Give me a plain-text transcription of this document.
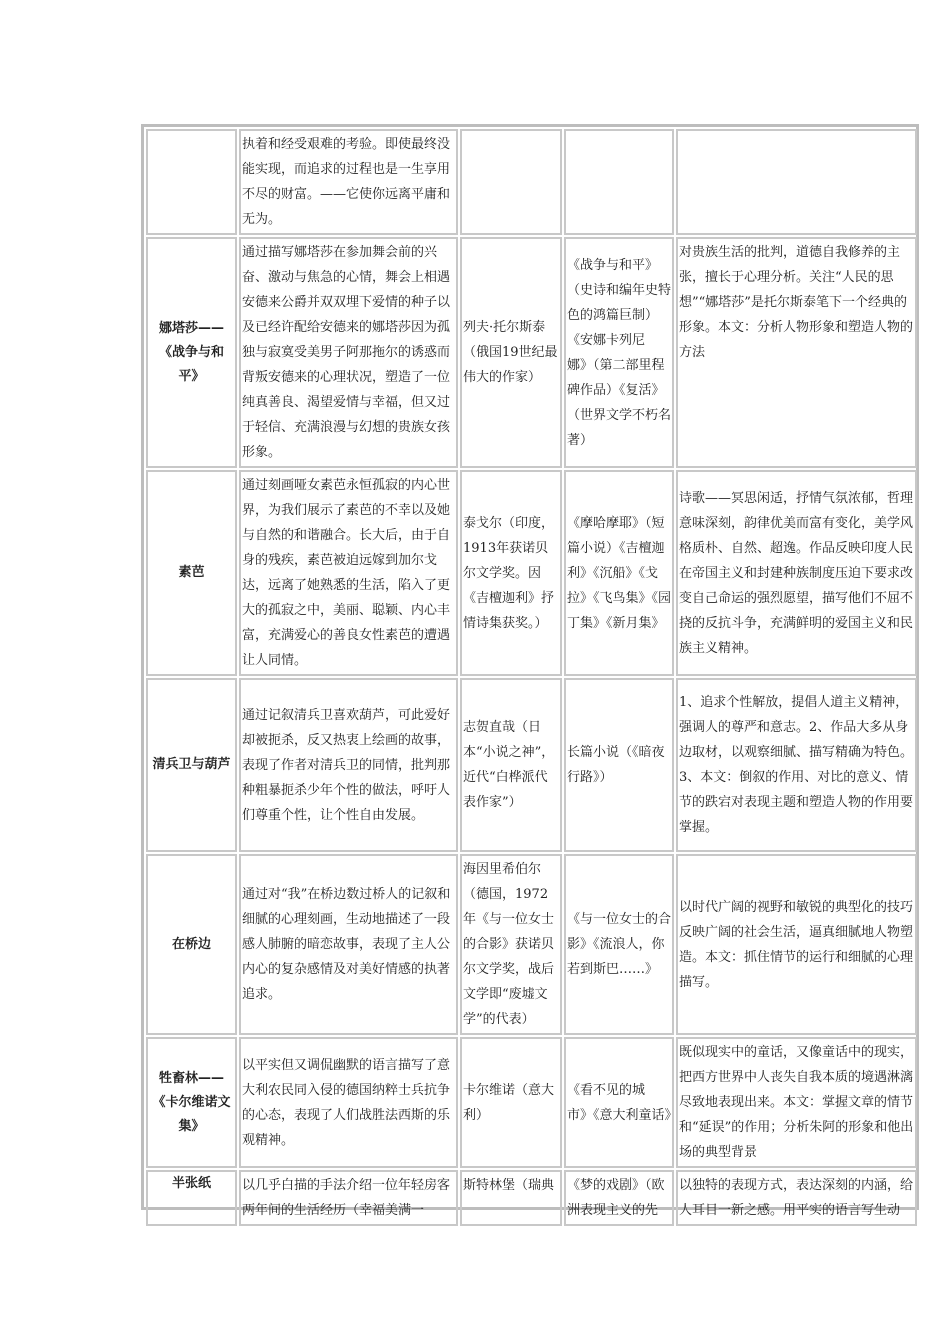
	执着和经受艰难的考验。即使最终没能实现，而追求的过程也是一生享用不尽的财富。——它使你远离平庸和无为。			
娜塔莎——《战争与和平》	通过描写娜塔莎在参加舞会前的兴奋、激动与焦急的心情，舞会上相遇安德来公爵并双双埋下爱情的种子以及已经许配给安德来的娜塔莎因为孤独与寂寞受美男子阿那拖尔的诱惑而背叛安德来的心理状况，塑造了一位纯真善良、渴望爱情与幸福，但又过于轻信、充满浪漫与幻想的贵族女孩形象。	列夫·托尔斯泰（俄国19世纪最伟大的作家）	《战争与和平》（史诗和编年史特色的鸿篇巨制）《安娜卡列尼娜》（第二部里程碑作品）《复活》（世界文学不朽名著）	对贵族生活的批判，道德自我修养的主张，擅长于心理分析。关注“人民的思想”“娜塔莎”是托尔斯泰笔下一个经典的形象。本文：分析人物形象和塑造人物的方法
素芭	通过刻画哑女素芭永恒孤寂的内心世界，为我们展示了素芭的不幸以及她与自然的和谐融合。长大后，由于自身的残疾，素芭被迫远嫁到加尔戈达，远离了她熟悉的生活，陷入了更大的孤寂之中，美丽、聪颖、内心丰富，充满爱心的善良女性素芭的遭遇让人同情。	泰戈尔（印度，1913年获诺贝尔文学奖。因《吉檀迦利》抒情诗集获奖。）	《摩哈摩耶》（短篇小说）《吉檀迦利》《沉船》《戈拉》《飞鸟集》《园丁集》《新月集》	诗歌——冥思闲适，抒情气氛浓郁，哲理意味深刻，韵律优美而富有变化，美学风格质朴、自然、超逸。作品反映印度人民在帝国主义和封建种族制度压迫下要求改变自己命运的强烈愿望，描写他们不屈不挠的反抗斗争，充满鲜明的爱国主义和民族主义精神。
清兵卫与葫芦	通过记叙清兵卫喜欢葫芦，可此爱好却被扼杀，反又热衷上绘画的故事，表现了作者对清兵卫的同情，批判那种粗暴扼杀少年个性的做法，呼吁人们尊重个性，让个性自由发展。	志贺直哉（日本“小说之神”，近代“白桦派代表作家”）	长篇小说（《暗夜行路》）	1、追求个性解放，提倡人道主义精神，强调人的尊严和意志。2、作品大多从身边取材，以观察细腻、描写精确为特色。3、本文：倒叙的作用、对比的意义、情节的跌宕对表现主题和塑造人物的作用要掌握。
在桥边	通过对“我”在桥边数过桥人的记叙和细腻的心理刻画，生动地描述了一段感人肺腑的暗恋故事，表现了主人公内心的复杂感情及对美好情感的执著追求。	海因里希伯尔（德国，1972年《与一位女士的合影》获诺贝尔文学奖，战后文学即“废墟文学”的代表）	《与一位女士的合影》《流浪人，你若到斯巴……》	以时代广阔的视野和敏锐的典型化的技巧反映广阔的社会生活，逼真细腻地人物塑造。本文：抓住情节的运行和细腻的心理描写。
牲畜林——《卡尔维诺文集》	以平实但又调侃幽默的语言描写了意大利农民同入侵的德国纳粹士兵抗争的心态，表现了人们战胜法西斯的乐观精神。	卡尔维诺（意大利）	《看不见的城市》《意大利童话》	既似现实中的童话，又像童话中的现实，把西方世界中人丧失自我本质的境遇淋漓尽致地表现出来。本文：掌握文章的情节和“延误”的作用；分析朱阿的形象和他出场的典型背景
半张纸	以几乎白描的手法介绍一位年轻房客两年间的生活经历（幸福美满一	斯特林堡（瑞典	《梦的戏剧》（欧洲表现主义的先	以独特的表现方式，表达深刻的内涵，给人耳目一新之感。用平实的语言写生动
